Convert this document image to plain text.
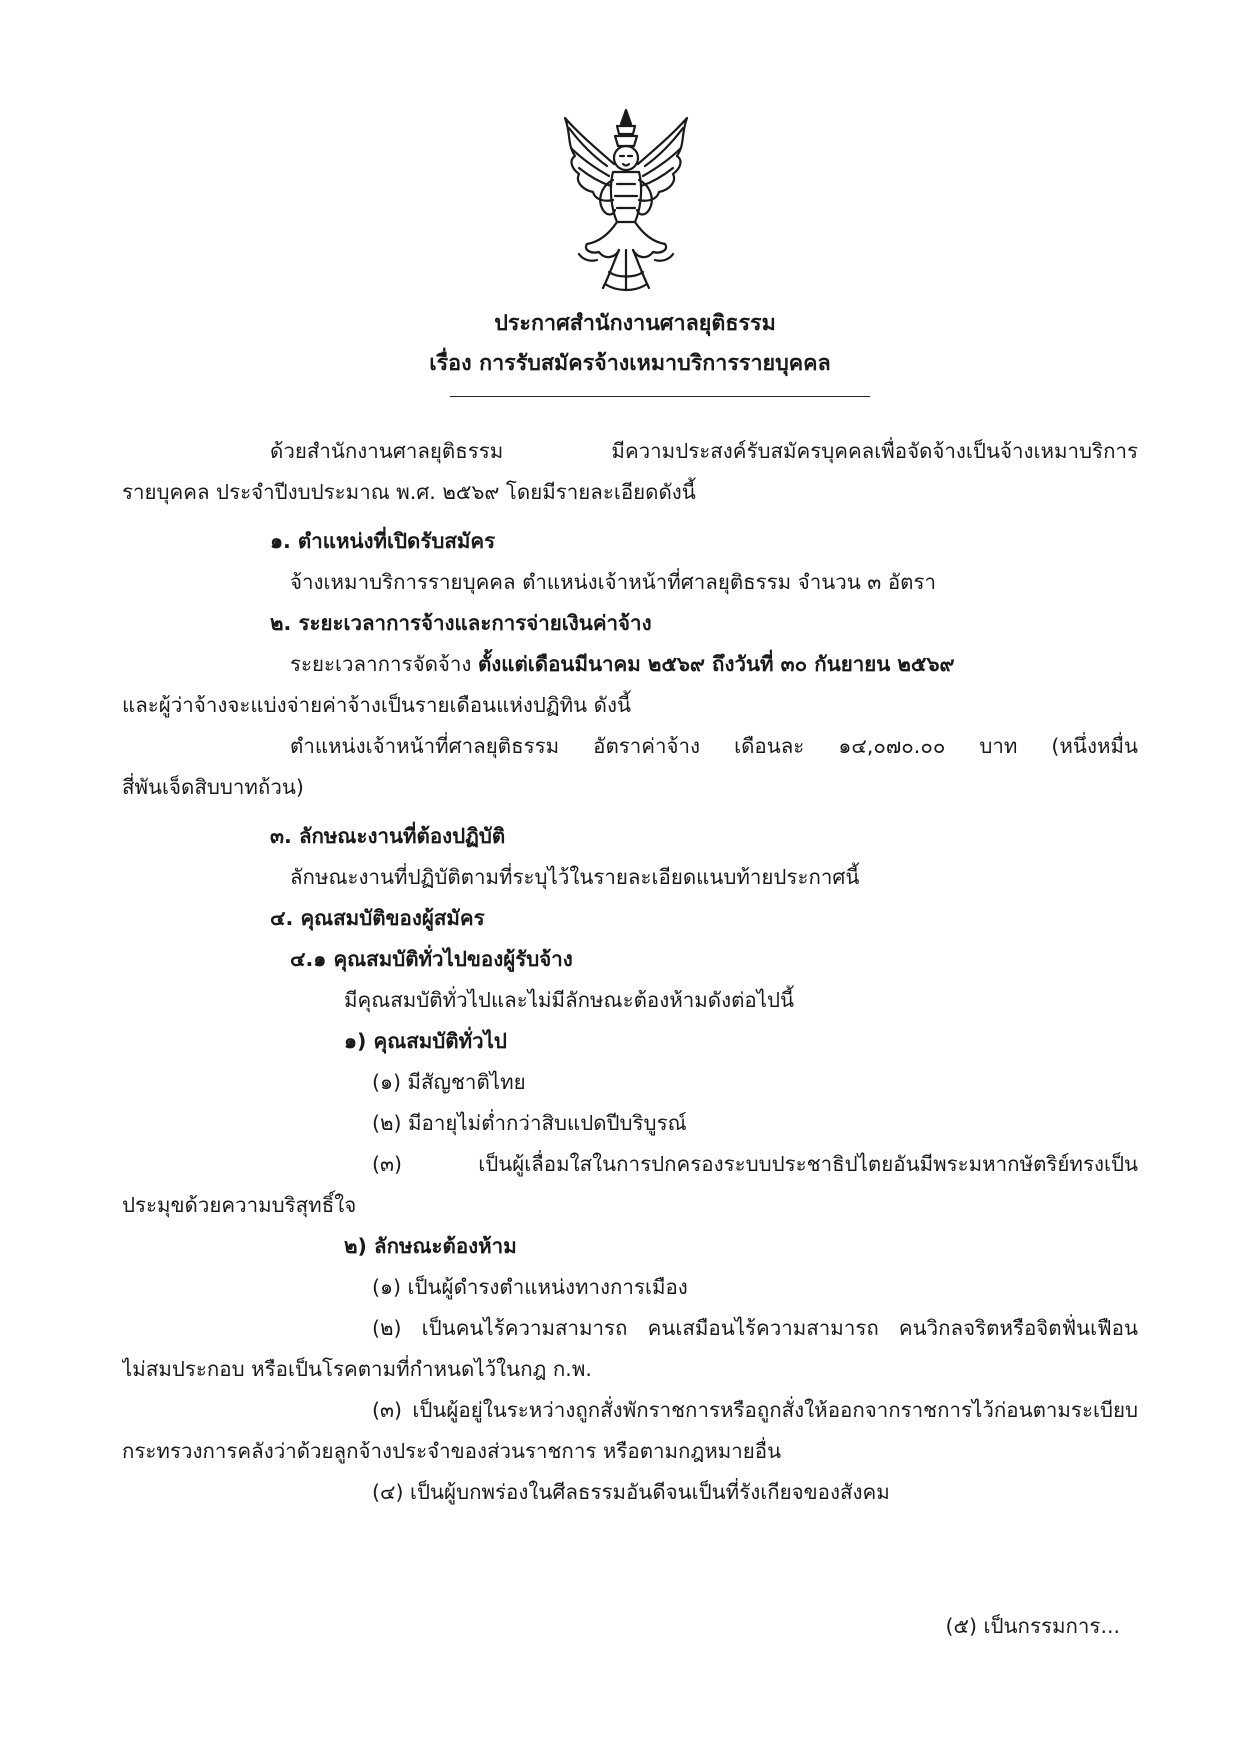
ประกาศสำนักงานศาลยุติธรรม
เรื่อง การรับสมัครจ้างเหมาบริการรายบุคคล
ด้วยสำนักงานศาลยุติธรรม มีความประสงค์รับสมัครบุคคลเพื่อจัดจ้างเป็นจ้างเหมาบริการ
รายบุคคล ประจำปีงบประมาณ พ.ศ. ๒๕๖๙ โดยมีรายละเอียดดังนี้
๑. ตำแหน่งที่เปิดรับสมัคร
จ้างเหมาบริการรายบุคคล ตำแหน่งเจ้าหน้าที่ศาลยุติธรรม จำนวน ๓ อัตรา
๒. ระยะเวลาการจ้างและการจ่ายเงินค่าจ้าง
ระยะเวลาการจัดจ้าง ตั้งแต่เดือนมีนาคม ๒๕๖๙ ถึงวันที่ ๓๐ กันยายน ๒๕๖๙
และผู้ว่าจ้างจะแบ่งจ่ายค่าจ้างเป็นรายเดือนแห่งปฏิทิน ดังนี้
ตำแหน่งเจ้าหน้าที่ศาลยุติธรรม อัตราค่าจ้าง เดือนละ ๑๔,๐๗๐.๐๐ บาท (หนึ่งหมื่น
สี่พันเจ็ดสิบบาทถ้วน)
๓. ลักษณะงานที่ต้องปฏิบัติ
ลักษณะงานที่ปฏิบัติตามที่ระบุไว้ในรายละเอียดแนบท้ายประกาศนี้
๔. คุณสมบัติของผู้สมัคร
๔.๑ คุณสมบัติทั่วไปของผู้รับจ้าง
มีคุณสมบัติทั่วไปและไม่มีลักษณะต้องห้ามดังต่อไปนี้
๑) คุณสมบัติทั่วไป
(๑) มีสัญชาติไทย
(๒) มีอายุไม่ต่ำกว่าสิบแปดปีบริบูรณ์
(๓) เป็นผู้เลื่อมใสในการปกครองระบบประชาธิปไตยอันมีพระมหากษัตริย์ทรงเป็น
ประมุขด้วยความบริสุทธิ์ใจ
๒) ลักษณะต้องห้าม
(๑) เป็นผู้ดำรงตำแหน่งทางการเมือง
(๒) เป็นคนไร้ความสามารถ คนเสมือนไร้ความสามารถ คนวิกลจริตหรือจิตฟั่นเฟือน
ไม่สมประกอบ หรือเป็นโรคตามที่กำหนดไว้ในกฎ ก.พ.
(๓) เป็นผู้อยู่ในระหว่างถูกสั่งพักราชการหรือถูกสั่งให้ออกจากราชการไว้ก่อนตามระเบียบ
กระทรวงการคลังว่าด้วยลูกจ้างประจำของส่วนราชการ หรือตามกฎหมายอื่น
(๔) เป็นผู้บกพร่องในศีลธรรมอันดีจนเป็นที่รังเกียจของสังคม
(๕) เป็นกรรมการ...
